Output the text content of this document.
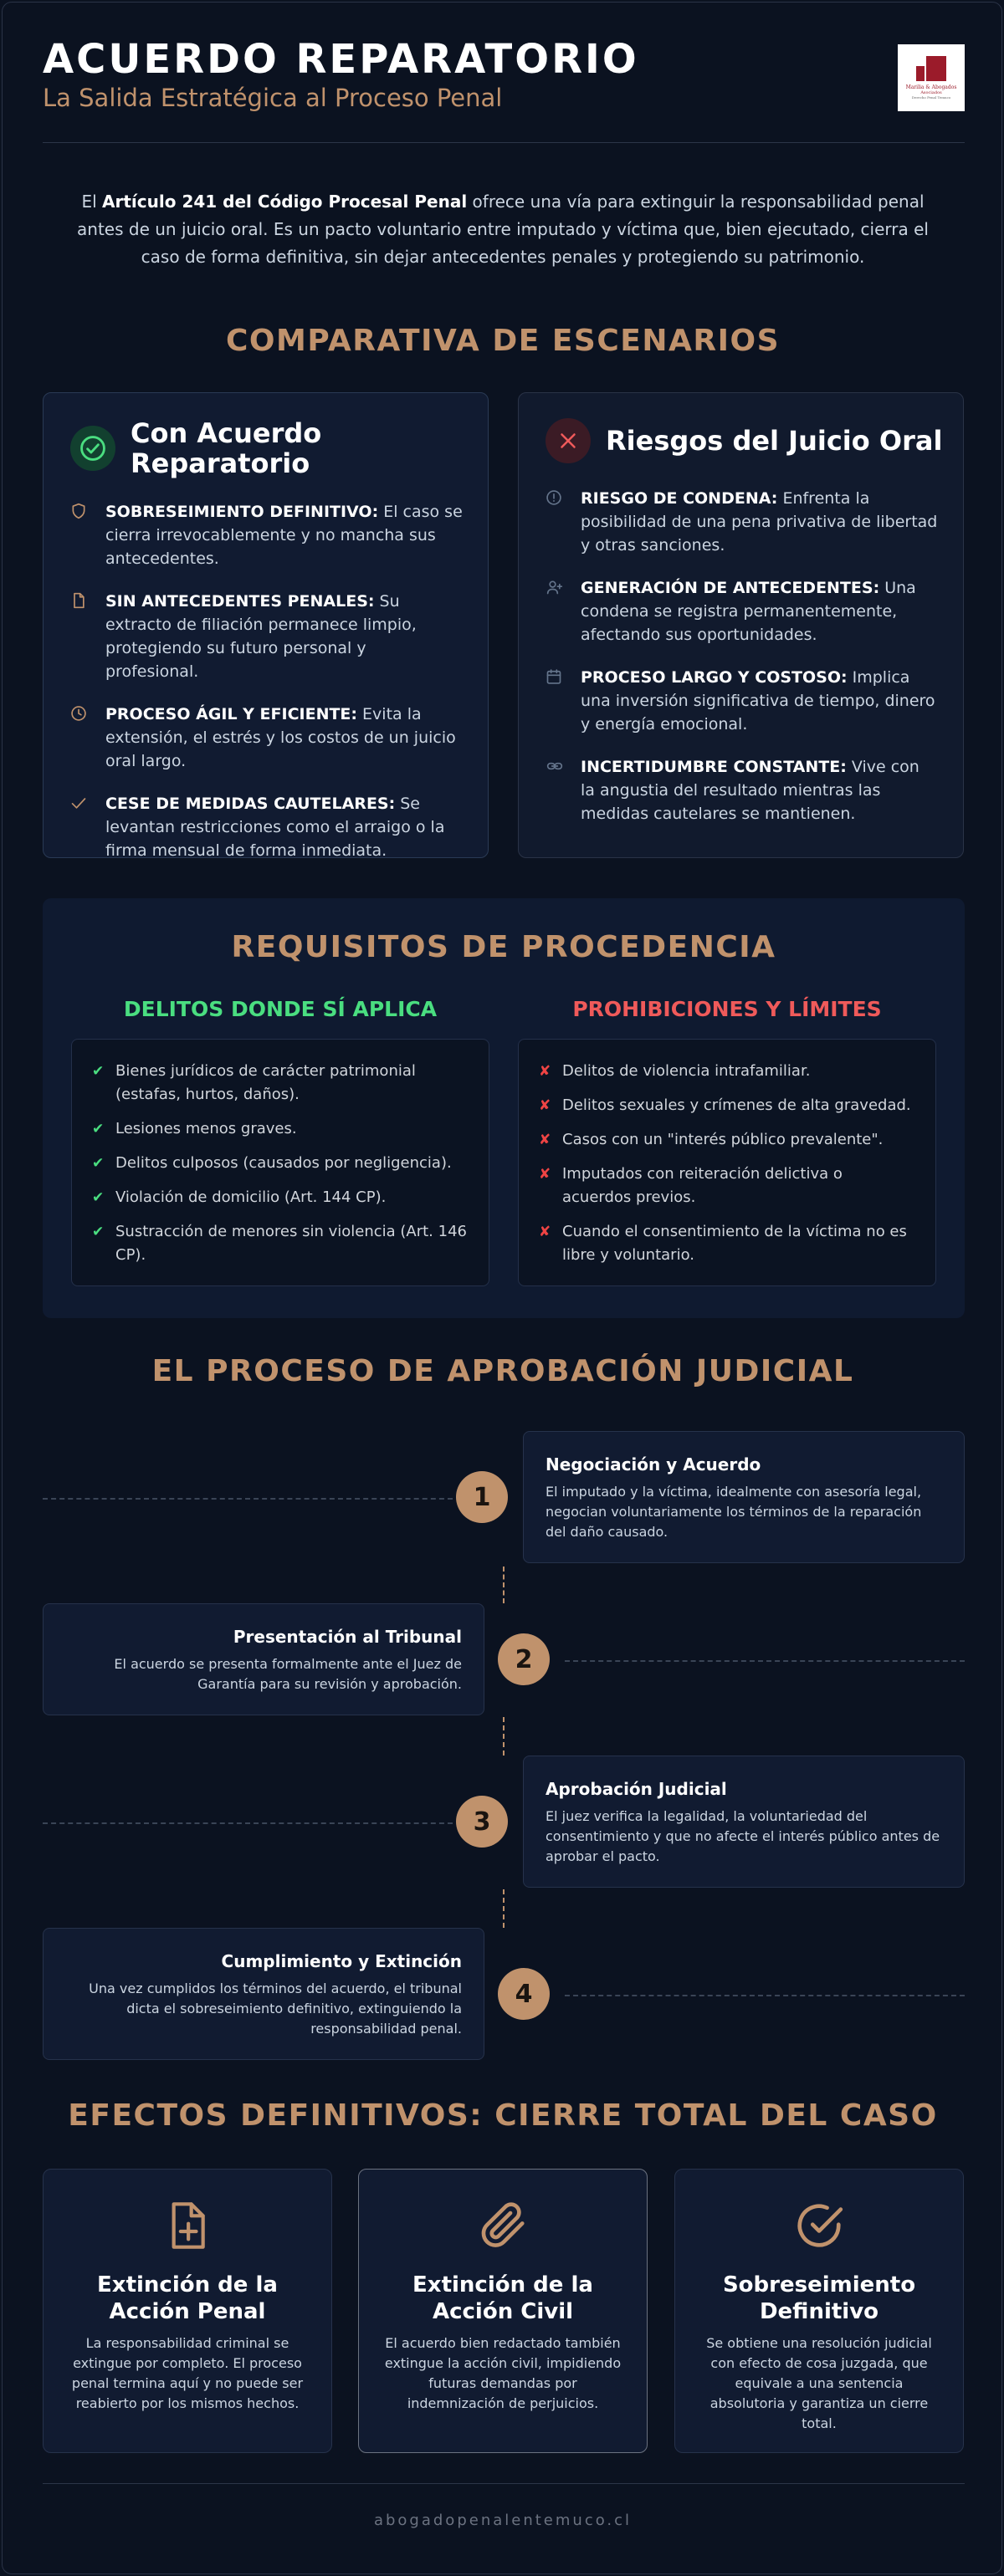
ACUERDO REPARATORIO
La Salida Estratégica al Proceso Penal	Marilia & Abogados
Asociados
Derecho Penal Temuco

El Artículo 241 del Código Procesal Penal ofrece una vía para extinguir la responsabilidad penal antes de un juicio oral. Es un pacto voluntario entre imputado y víctima que, bien ejecutado, cierra el caso de forma definitiva, sin dejar antecedentes penales y protegiendo su patrimonio.

COMPARATIVA DE ESCENARIOS
Con Acuerdo
Reparatorio
SOBRESEIMIENTO DEFINITIVO: El caso se cierra irrevocablemente y no mancha sus antecedentes.
SIN ANTECEDENTES PENALES: Su extracto de filiación permanece limpio, protegiendo su futuro personal y profesional.
PROCESO ÁGIL Y EFICIENTE: Evita la extensión, el estrés y los costos de un juicio oral largo.
CESE DE MEDIDAS CAUTELARES: Se levantan restricciones como el arraigo o la firma mensual de forma inmediata.
Riesgos del Juicio Oral
RIESGO DE CONDENA: Enfrenta la posibilidad de una pena privativa de libertad y otras sanciones.
GENERACIÓN DE ANTECEDENTES: Una condena se registra permanentemente, afectando sus oportunidades.
PROCESO LARGO Y COSTOSO: Implica una inversión significativa de tiempo, dinero y energía emocional.
INCERTIDUMBRE CONSTANTE: Vive con la angustia del resultado mientras las medidas cautelares se mantienen.
REQUISITOS DE PROCEDENCIA
DELITOS DONDE SÍ APLICA	PROHIBICIONES Y LÍMITES
✔ Bienes jurídicos de carácter patrimonial (estafas, hurtos, daños).
✔ Lesiones menos graves.
✔ Delitos culposos (causados por negligencia).
✔ Violación de domicilio (Art. 144 CP).
✔ Sustracción de menores sin violencia (Art. 146 CP).
✘ Delitos de violencia intrafamiliar.
✘ Delitos sexuales y crímenes de alta gravedad.
✘ Casos con un "interés público prevalente".
✘ Imputados con reiteración delictiva o acuerdos previos.
✘ Cuando el consentimiento de la víctima no es libre y voluntario.
EL PROCESO DE APROBACIÓN JUDICIAL
1
Negociación y Acuerdo
El imputado y la víctima, idealmente con asesoría legal, negocian voluntariamente los términos de la reparación del daño causado.
Presentación al Tribunal
El acuerdo se presenta formalmente ante el Juez de Garantía para su revisión y aprobación.
2
3
Aprobación Judicial
El juez verifica la legalidad, la voluntariedad del consentimiento y que no afecte el interés público antes de aprobar el pacto.
Cumplimiento y Extinción
Una vez cumplidos los términos del acuerdo, el tribunal dicta el sobreseimiento definitivo, extinguiendo la responsabilidad penal.
4
EFECTOS DEFINITIVOS: CIERRE TOTAL DEL CASO
Extinción de la
Acción Penal
La responsabilidad criminal se extingue por completo. El proceso penal termina aquí y no puede ser reabierto por los mismos hechos.
Extinción de la
Acción Civil
El acuerdo bien redactado también extingue la acción civil, impidiendo futuras demandas por indemnización de perjuicios.
Sobreseimiento
Definitivo
Se obtiene una resolución judicial con efecto de cosa juzgada, que equivale a una sentencia absolutoria y garantiza un cierre total.
abogadopenalentemuco.cl
